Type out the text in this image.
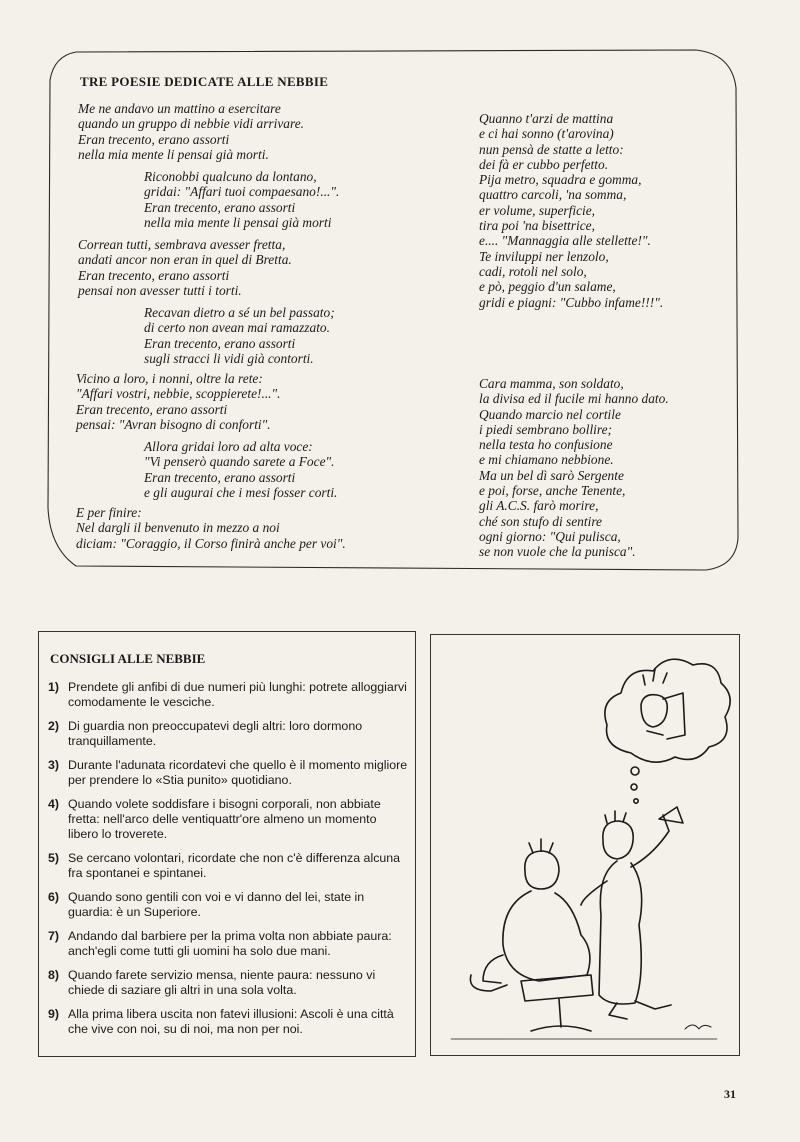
TRE POESIE DEDICATE ALLE NEBBIE
Me ne andavo un mattino a esercitare
quando un gruppo di nebbie vidi arrivare.
Eran trecento, erano assorti
nella mia mente li pensai già morti.
Riconobbi qualcuno da lontano,
gridai: "Affari tuoi compaesano!...".
Eran trecento, erano assorti
nella mia mente li pensai già morti
Correan tutti, sembrava avesser fretta,
andati ancor non eran in quel di Bretta.
Eran trecento, erano assorti
pensai non avesser tutti i torti.
Recavan dietro a sé un bel passato;
di certo non avean mai ramazzato.
Eran trecento, erano assorti
sugli stracci li vidi già contorti.
Vicino a loro, i nonni, oltre la rete:
"Affari vostri, nebbie, scoppierete!...".
Eran trecento, erano assorti
pensai: "Avran bisogno di conforti".
Allora gridai loro ad alta voce:
"Vi penserò quando sarete a Foce".
Eran trecento, erano assorti
e gli augurai che i mesi fosser corti.
E per finire:
Nel dargli il benvenuto in mezzo a noi
diciam: "Coraggio, il Corso finirà anche per voi".
Quanno t'arzi de mattina
e ci hai sonno (t'arovina)
nun pensà de statte a letto:
dei fà er cubbo perfetto.
Pija metro, squadra e gomma,
quattro carcoli, 'na somma,
er volume, superficie,
tira poi 'na bisettrice,
e.... "Mannaggia alle stellette!".
Te inviluppi ner lenzolo,
cadi, rotoli nel solo,
e pò, peggio d'un salame,
gridi e piagni: "Cubbo infame!!!".
Cara mamma, son soldato,
la divisa ed il fucile mi hanno dato.
Quando marcio nel cortile
i piedi sembrano bollire;
nella testa ho confusione
e mi chiamano nebbione.
Ma un bel dì sarò Sergente
e poi, forse, anche Tenente,
gli A.C.S. farò morire,
ché son stufo di sentire
ogni giorno: "Qui pulisca,
se non vuole che la punisca".
CONSIGLI ALLE NEBBIE
1) Prendete gli anfibi di due numeri più lunghi: potrete alloggiarvi comodamente le vesciche.
2) Di guardia non preoccupatevi degli altri: loro dormono tranquillamente.
3) Durante l'adunata ricordatevi che quello è il momento migliore per prendere lo «Stia punito» quotidiano.
4) Quando volete soddisfare i bisogni corporali, non abbiate fretta: nell'arco delle ventiquattr'ore almeno un momento libero lo troverete.
5) Se cercano volontari, ricordate che non c'è differenza alcuna fra spontanei e spintanei.
6) Quando sono gentili con voi e vi danno del lei, state in guardia: è un Superiore.
7) Andando dal barbiere per la prima volta non abbiate paura: anch'egli come tutti gli uomini ha solo due mani.
8) Quando farete servizio mensa, niente paura: nessuno vi chiede di saziare gli altri in una sola volta.
9) Alla prima libera uscita non fatevi illusioni: Ascoli è una città che vive con noi, su di noi, ma non per noi.
31
